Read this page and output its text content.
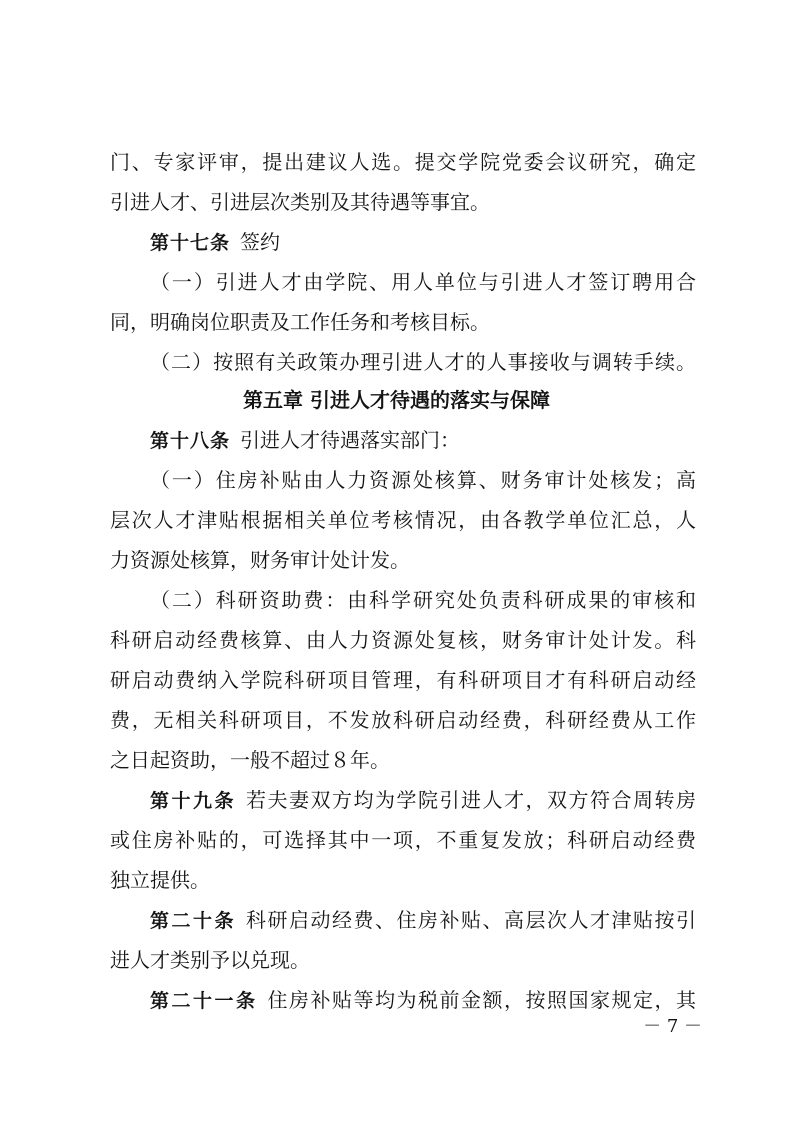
门、专家评审，提出建议人选。提交学院党委会议研究，确定
引进人才、引进层次类别及其待遇等事宜。
第十七条 签约
（一）引进人才由学院、用人单位与引进人才签订聘用合
同，明确岗位职责及工作任务和考核目标。
（二）按照有关政策办理引进人才的人事接收与调转手续。
第五章 引进人才待遇的落实与保障
第十八条 引进人才待遇落实部门：
（一）住房补贴由人力资源处核算、财务审计处核发；高
层次人才津贴根据相关单位考核情况，由各教学单位汇总，人
力资源处核算，财务审计处计发。
（二）科研资助费：由科学研究处负责科研成果的审核和
科研启动经费核算、由人力资源处复核，财务审计处计发。科
研启动费纳入学院科研项目管理，有科研项目才有科研启动经
费，无相关科研项目，不发放科研启动经费，科研经费从工作
之日起资助，一般不超过８年。
第十九条 若夫妻双方均为学院引进人才，双方符合周转房
或住房补贴的，可选择其中一项，不重复发放；科研启动经费
独立提供。
第二十条 科研启动经费、住房补贴、高层次人才津贴按引
进人才类别予以兑现。
第二十一条 住房补贴等均为税前金额，按照国家规定，其
－ 7 －
